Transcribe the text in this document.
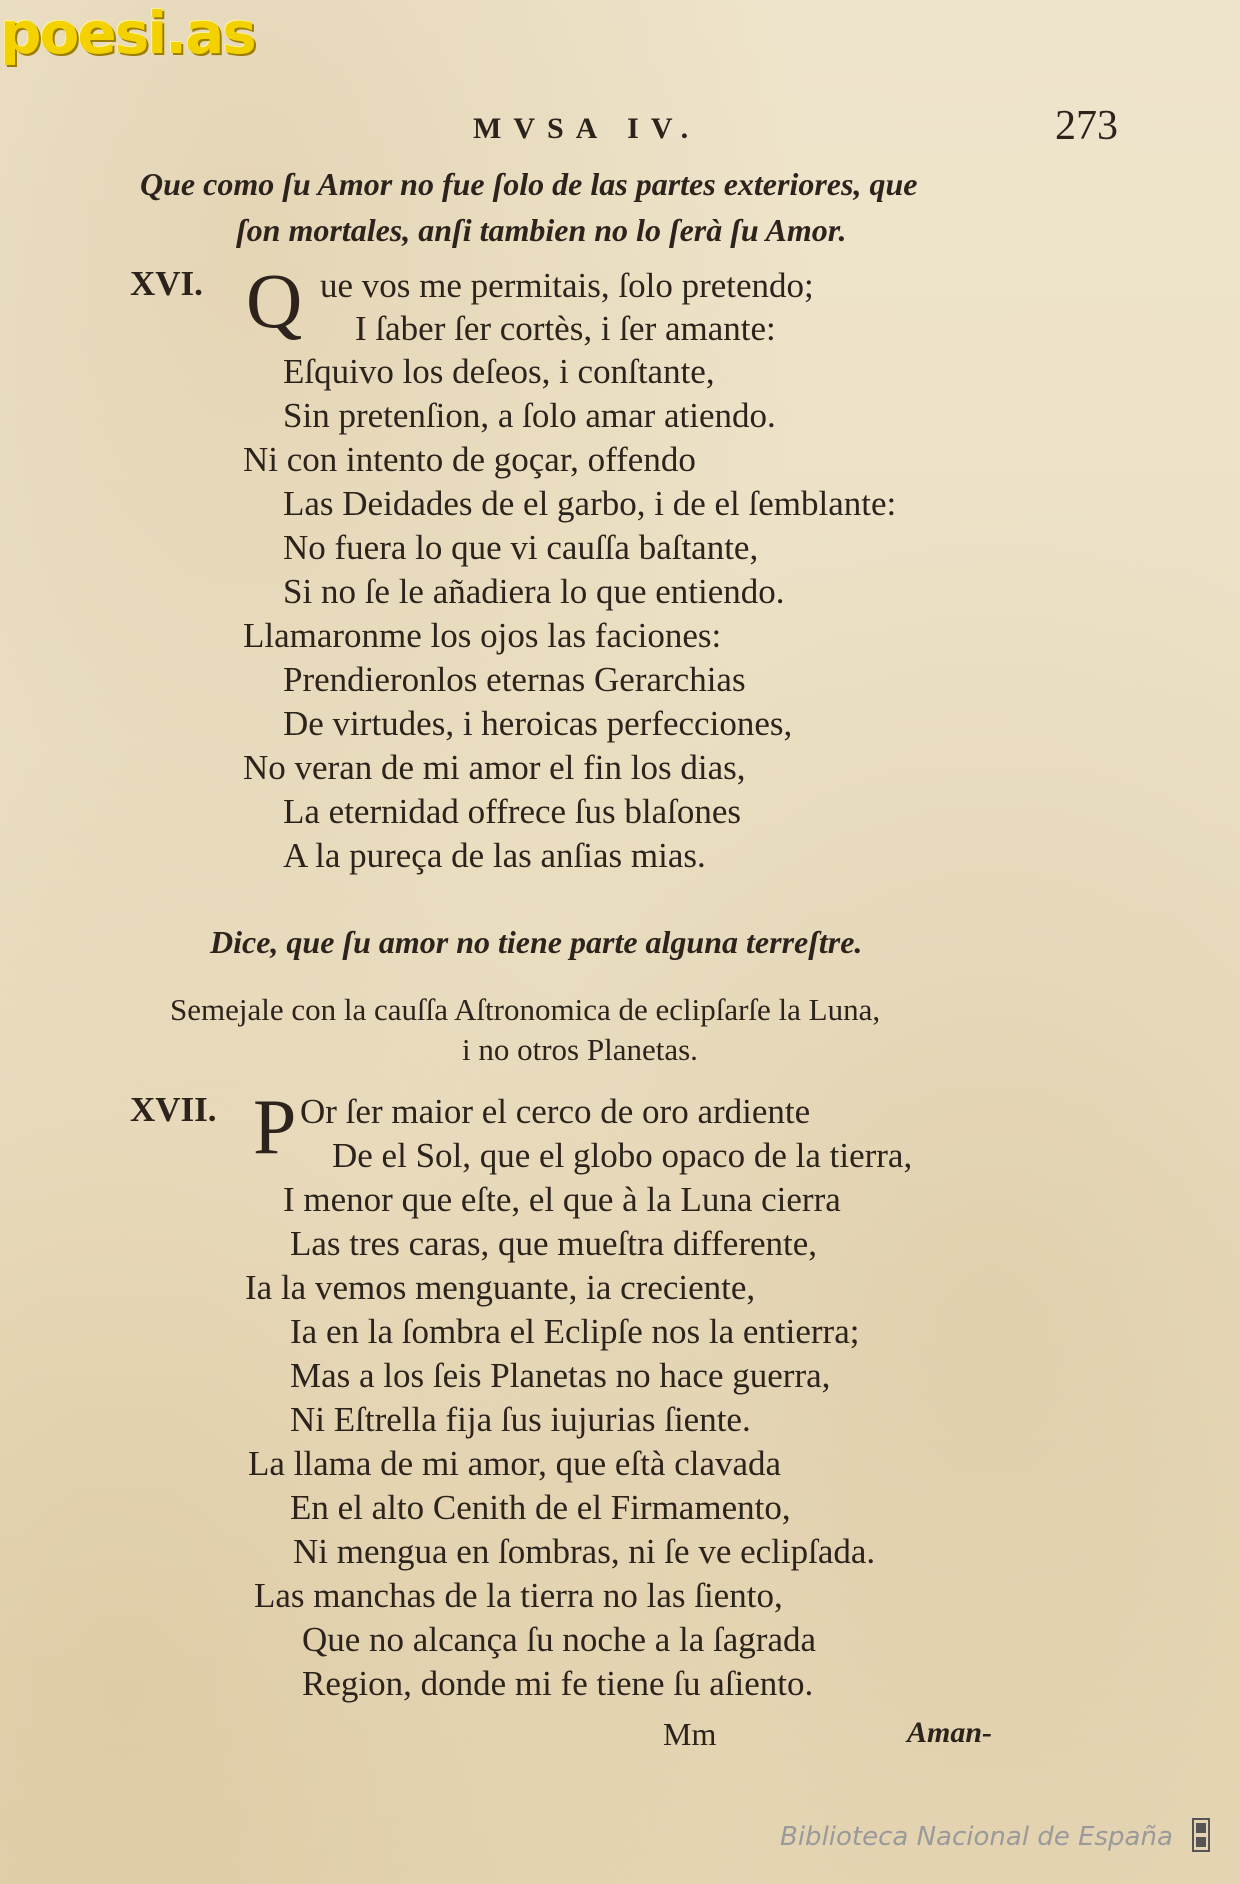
poesi.as
MVSA IV.	273
Que como ſu Amor no fue ſolo de las partes exteriores, que
ſon mortales, anſi tambien no lo ſerà ſu Amor.
XVI. Q ue vos me permitais, ſolo pretendo;
I ſaber ſer cortès, i ſer amante:
Eſquivo los deſeos, i conſtante,
Sin pretenſion, a ſolo amar atiendo.
Ni con intento de goçar, offendo
Las Deidades de el garbo, i de el ſemblante:
No fuera lo que vi cauſſa baſtante,
Si no ſe le añadiera lo que entiendo.
Llamaronme los ojos las faciones:
Prendieronlos eternas Gerarchias
De virtudes, i heroicas perfecciones,
No veran de mi amor el fin los dias,
La eternidad offrece ſus blaſones
A la pureça de las anſias mias.
Dice, que ſu amor no tiene parte alguna terreſtre.
Semejale con la cauſſa Aſtronomica de eclipſarſe la Luna,
i no otros Planetas.
XVII. P Or ſer maior el cerco de oro ardiente
De el Sol, que el globo opaco de la tierra,
I menor que eſte, el que à la Luna cierra
Las tres caras, que mueſtra differente,
Ia la vemos menguante, ia creciente,
Ia en la ſombra el Eclipſe nos la entierra;
Mas a los ſeis Planetas no hace guerra,
Ni Eſtrella fija ſus iujurias ſiente.
La llama de mi amor, que eſtà clavada
En el alto Cenith de el Firmamento,
Ni mengua en ſombras, ni ſe ve eclipſada.
Las manchas de la tierra no las ſiento,
Que no alcança ſu noche a la ſagrada
Region, donde mi fe tiene ſu aſiento.
Mm	Aman-
Biblioteca Nacional de España
